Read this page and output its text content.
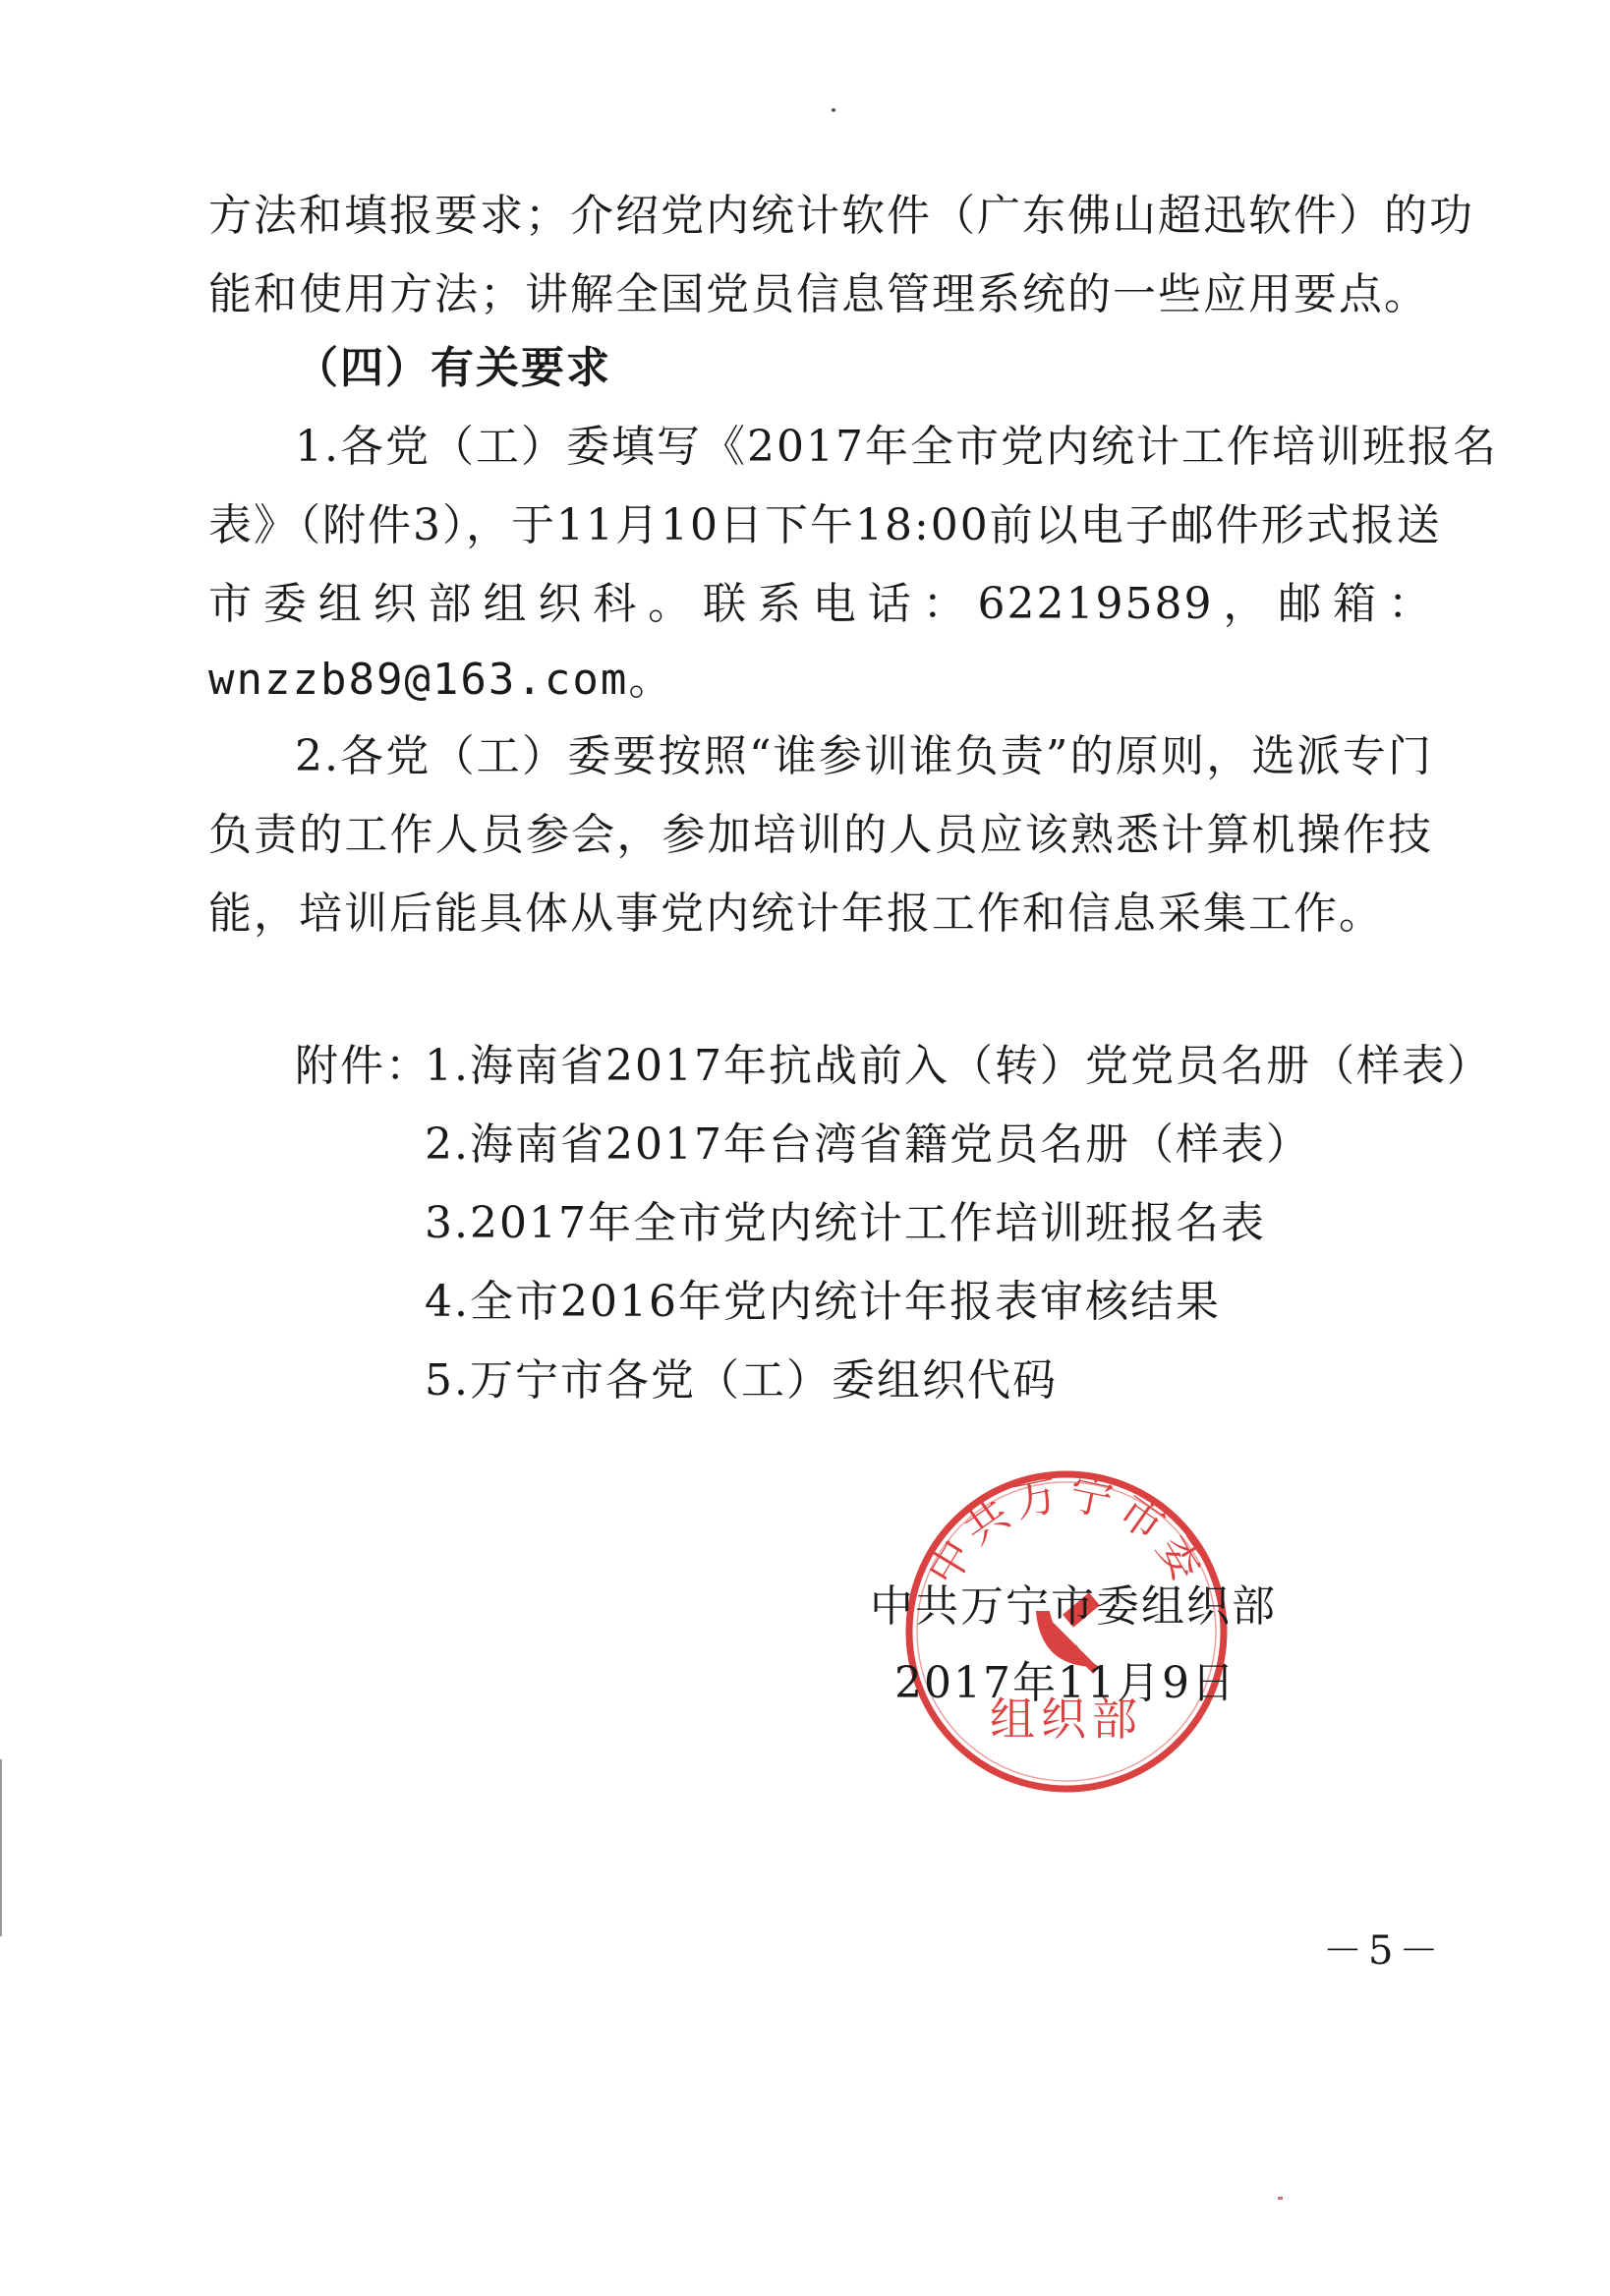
方法和填报要求；介绍党内统计软件（广东佛山超迅软件）的功
能和使用方法；讲解全国党员信息管理系统的一些应用要点。
（四）有关要求
1.各党（工）委填写《2017年全市党内统计工作培训班报名
表》（附件3），于11月10日下午18:00前以电子邮件形式报送
市委组织部组织科。联系电话：62219589，邮箱：
wnzzb89@163.com。
2.各党（工）委要按照“谁参训谁负责”的原则，选派专门
负责的工作人员参会，参加培训的人员应该熟悉计算机操作技
能，培训后能具体从事党内统计年报工作和信息采集工作。
附件：
1.海南省2017年抗战前入（转）党党员名册（样表）
2.海南省2017年台湾省籍党员名册（样表）
3.2017年全市党内统计工作培训班报名表
4.全市2016年党内统计年报表审核结果
5.万宁市各党（工）委组织代码
中共万宁市委
组织部
中共万宁市委组织部
2017年11月9日
－5－
